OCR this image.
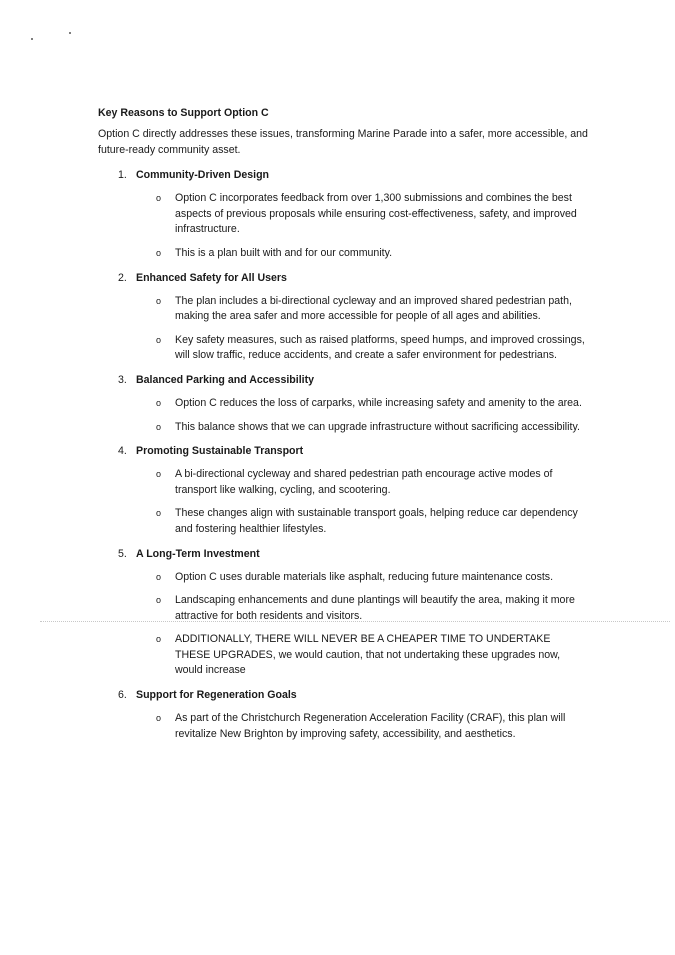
Key Reasons to Support Option C
Option C directly addresses these issues, transforming Marine Parade into a safer, more accessible, and future-ready community asset.
1. Community-Driven Design
o Option C incorporates feedback from over 1,300 submissions and combines the best aspects of previous proposals while ensuring cost-effectiveness, safety, and improved infrastructure.
o This is a plan built with and for our community.
2. Enhanced Safety for All Users
o The plan includes a bi-directional cycleway and an improved shared pedestrian path, making the area safer and more accessible for people of all ages and abilities.
o Key safety measures, such as raised platforms, speed humps, and improved crossings, will slow traffic, reduce accidents, and create a safer environment for pedestrians.
3. Balanced Parking and Accessibility
o Option C reduces the loss of carparks, while increasing safety and amenity to the area.
o This balance shows that we can upgrade infrastructure without sacrificing accessibility.
4. Promoting Sustainable Transport
o A bi-directional cycleway and shared pedestrian path encourage active modes of transport like walking, cycling, and scootering.
o These changes align with sustainable transport goals, helping reduce car dependency and fostering healthier lifestyles.
5. A Long-Term Investment
o Option C uses durable materials like asphalt, reducing future maintenance costs.
o Landscaping enhancements and dune plantings will beautify the area, making it more attractive for both residents and visitors.
o ADDITIONALLY, THERE WILL NEVER BE A CHEAPER TIME TO UNDERTAKE THESE UPGRADES, we would caution, that not undertaking these upgrades now, would increase
6. Support for Regeneration Goals
o As part of the Christchurch Regeneration Acceleration Facility (CRAF), this plan will revitalize New Brighton by improving safety, accessibility, and aesthetics.
